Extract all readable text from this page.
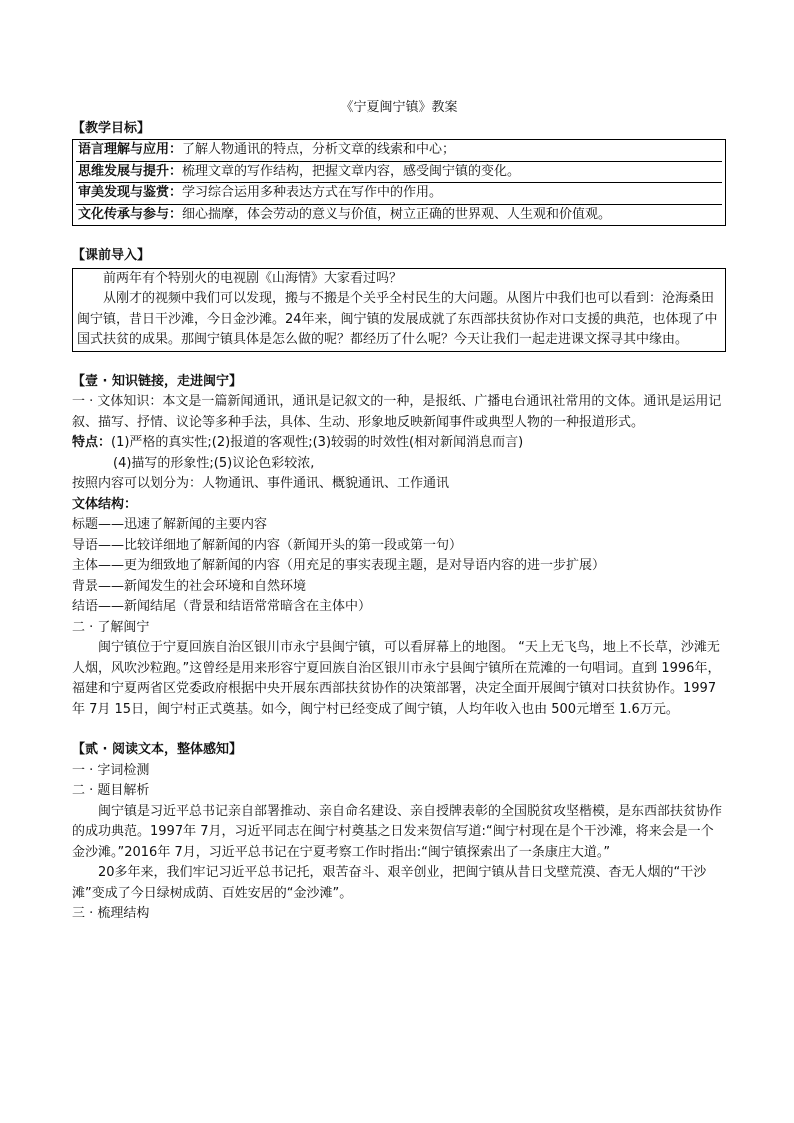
《宁夏闽宁镇》教案
【教学目标】
语言理解与应用：了解人物通讯的特点，分析文章的线索和中心；
思维发展与提升：梳理文章的写作结构，把握文章内容，感受闽宁镇的变化。
审美发现与鉴赏：学习综合运用多种表达方式在写作中的作用。
文化传承与参与：细心揣摩，体会劳动的意义与价值，树立正确的世界观、人生观和价值观。
【课前导入】

前两年有个特别火的电视剧《山海情》大家看过吗？

从刚才的视频中我们可以发现，搬与不搬是个关乎全村民生的大问题。从图片中我们也可以看到：沧海桑田闽宁镇，昔日干沙滩，今日金沙滩。24年来，闽宁镇的发展成就了东西部扶贫协作对口支援的典范，也体现了中国式扶贫的成果。那闽宁镇具体是怎么做的呢？都经历了什么呢？今天让我们一起走进课文探寻其中缘由。

【壹 · 知识链接，走进闽宁】

一 · 文体知识：本文是一篇新闻通讯，通讯是记叙文的一种，是报纸、广播电台通讯社常用的文体。通讯是运用记叙、描写、抒情、议论等多种手法，具体、生动、形象地反映新闻事件或典型人物的一种报道形式。

特点：(1)严格的真实性;(2)报道的客观性;(3)较弱的时效性(相对新闻消息而言)

(4)描写的形象性;(5)议论色彩较浓,

按照内容可以划分为：人物通讯、事件通讯、概貌通讯、工作通讯

文体结构：

标题——迅速了解新闻的主要内容

导语——比较详细地了解新闻的内容（新闻开头的第一段或第一句）

主体——更为细致地了解新闻的内容（用充足的事实表现主题，是对导语内容的进一步扩展）

背景——新闻发生的社会环境和自然环境

结语——新闻结尾（背景和结语常常暗含在主体中）

二 · 了解闽宁

闽宁镇位于宁夏回族自治区银川市永宁县闽宁镇，可以看屏幕上的地图。 “天上无飞鸟，地上不长草，沙滩无人烟，风吹沙粒跑。”这曾经是用来形容宁夏回族自治区银川市永宁县闽宁镇所在荒滩的一句唱词。直到 1996年，福建和宁夏两省区党委政府根据中央开展东西部扶贫协作的决策部署，决定全面开展闽宁镇对口扶贫协作。1997年 7月 15日，闽宁村正式奠基。如今，闽宁村已经变成了闽宁镇，人均年收入也由 500元增至 1.6万元。

【贰 · 阅读文本，整体感知】

一 · 字词检测

二 · 题目解析

闽宁镇是习近平总书记亲自部署推动、亲自命名建设、亲自授牌表彰的全国脱贫攻坚楷模，是东西部扶贫协作的成功典范。1997年 7月，习近平同志在闽宁村奠基之日发来贺信写道:“闽宁村现在是个干沙滩，将来会是一个金沙滩。”2016年 7月，习近平总书记在宁夏考察工作时指出:“闽宁镇探索出了一条康庄大道。”

20多年来，我们牢记习近平总书记托，艰苦奋斗、艰辛创业，把闽宁镇从昔日戈壁荒漠、杳无人烟的“干沙滩”变成了今日绿树成荫、百姓安居的“金沙滩”。

三 · 梳理结构
